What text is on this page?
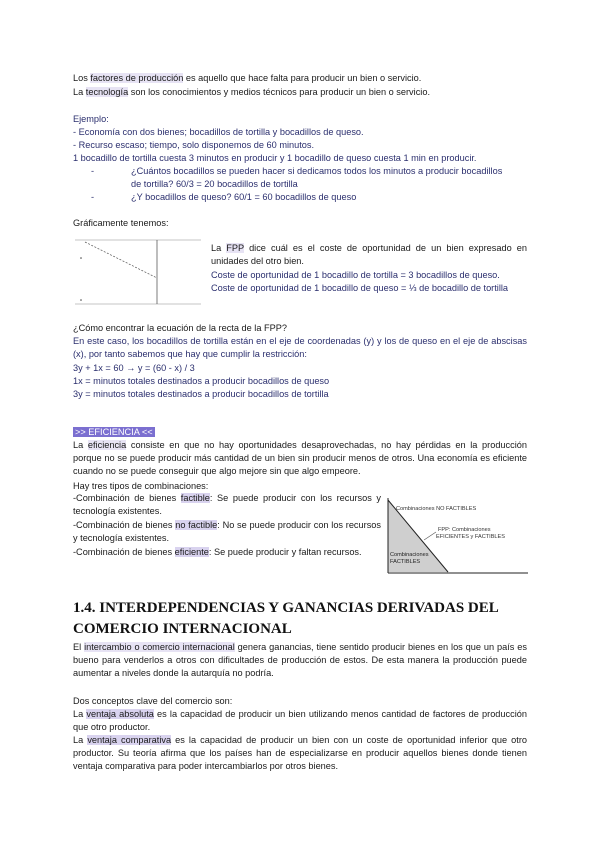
Los factores de producción es aquello que hace falta para producir un bien o servicio.
La tecnología son los conocimientos y medios técnicos para producir un bien o servicio.
Ejemplo:
- Economía con dos bienes; bocadillos de tortilla y bocadillos de queso.
- Recurso escaso; tiempo, solo disponemos de 60 minutos.
1 bocadillo de tortilla cuesta 3 minutos en producir y 1 bocadillo de queso cuesta 1 min en producir.
-	¿Cuántos bocadillos se pueden hacer si dedicamos todos los minutos a producir bocadillos
de tortilla? 60/3 = 20 bocadillos de tortilla
-	¿Y bocadillos de queso? 60/1 = 60 bocadillos de queso
Gráficamente tenemos:
La FPP dice cuál es el coste de oportunidad de un bien expresado en unidades del otro bien.
Coste de oportunidad de 1 bocadillo de tortilla = 3 bocadillos de queso.
Coste de oportunidad de 1 bocadillo de queso = ⅓ de bocadillo de tortilla
¿Cómo encontrar la ecuación de la recta de la FPP?
En este caso, los bocadillos de tortilla están en el eje de coordenadas (y) y los de queso en el eje de abscisas (x), por tanto sabemos que hay que cumplir la restricción:
3y + 1x = 60 → y = (60 - x) / 3
1x = minutos totales destinados a producir bocadillos de queso
3y = minutos totales destinados a producir bocadillos de tortilla
>> EFICIENCIA <<
La eficiencia consiste en que no hay oportunidades desaprovechadas, no hay pérdidas en la producción porque no se puede producir más cantidad de un bien sin producir menos de otros. Una economía es eficiente cuando no se puede conseguir que algo mejore sin que algo empeore.
Hay tres tipos de combinaciones:
-Combinación de bienes factible: Se puede producir con los recursos y tecnología existentes.
-Combinación de bienes no factible: No se puede producir con los recursos y tecnología existentes.
-Combinación de bienes eficiente: Se puede producir y faltan recursos.
Combinaciones NO FACTIBLES
FPP: Combinaciones
EFICIENTES y FACTIBLES
Combinaciones
FACTIBLES
1.4. INTERDEPENDENCIAS Y GANANCIAS DERIVADAS DEL COMERCIO INTERNACIONAL
El intercambio o comercio internacional genera ganancias, tiene sentido producir bienes en los que un país es bueno para venderlos a otros con dificultades de producción de estos. De esta manera la producción puede aumentar a niveles donde la autarquía no podría.
Dos conceptos clave del comercio son:
La ventaja absoluta es la capacidad de producir un bien utilizando menos cantidad de factores de producción que otro productor.
La ventaja comparativa es la capacidad de producir un bien con un coste de oportunidad inferior que otro productor. Su teoría afirma que los países han de especializarse en producir aquellos bienes donde tienen ventaja comparativa para poder intercambiarlos por otros bienes.
